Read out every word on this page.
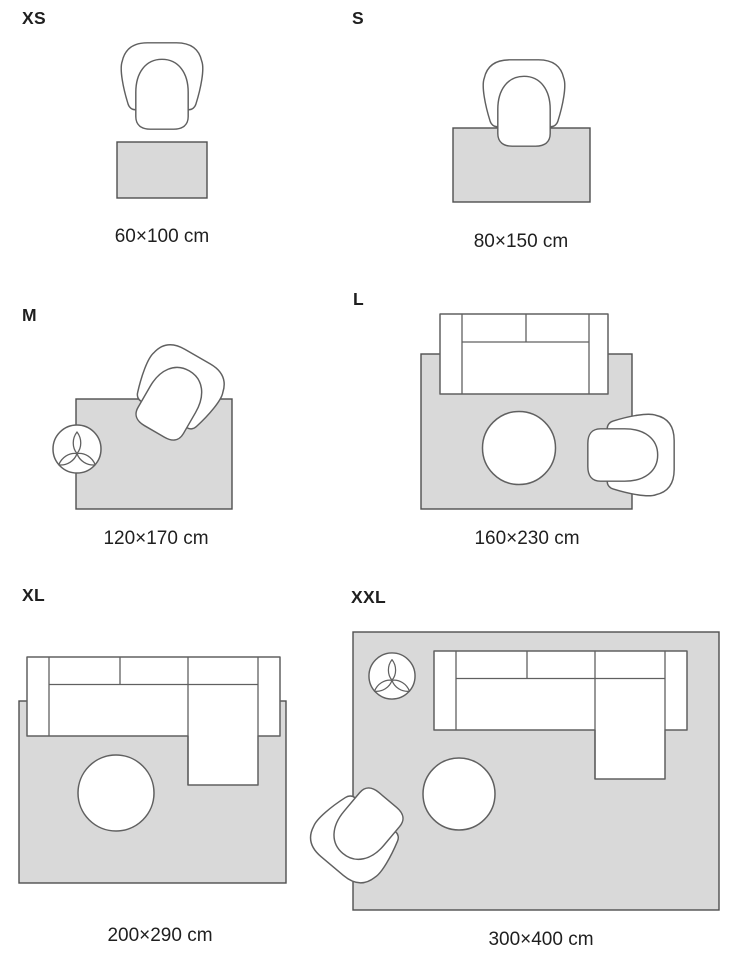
XS	S
M
L
XL	XXL
60×100 cm	80×150 cm
120×170 cm	160×230 cm
200×290 cm	300×400 cm
